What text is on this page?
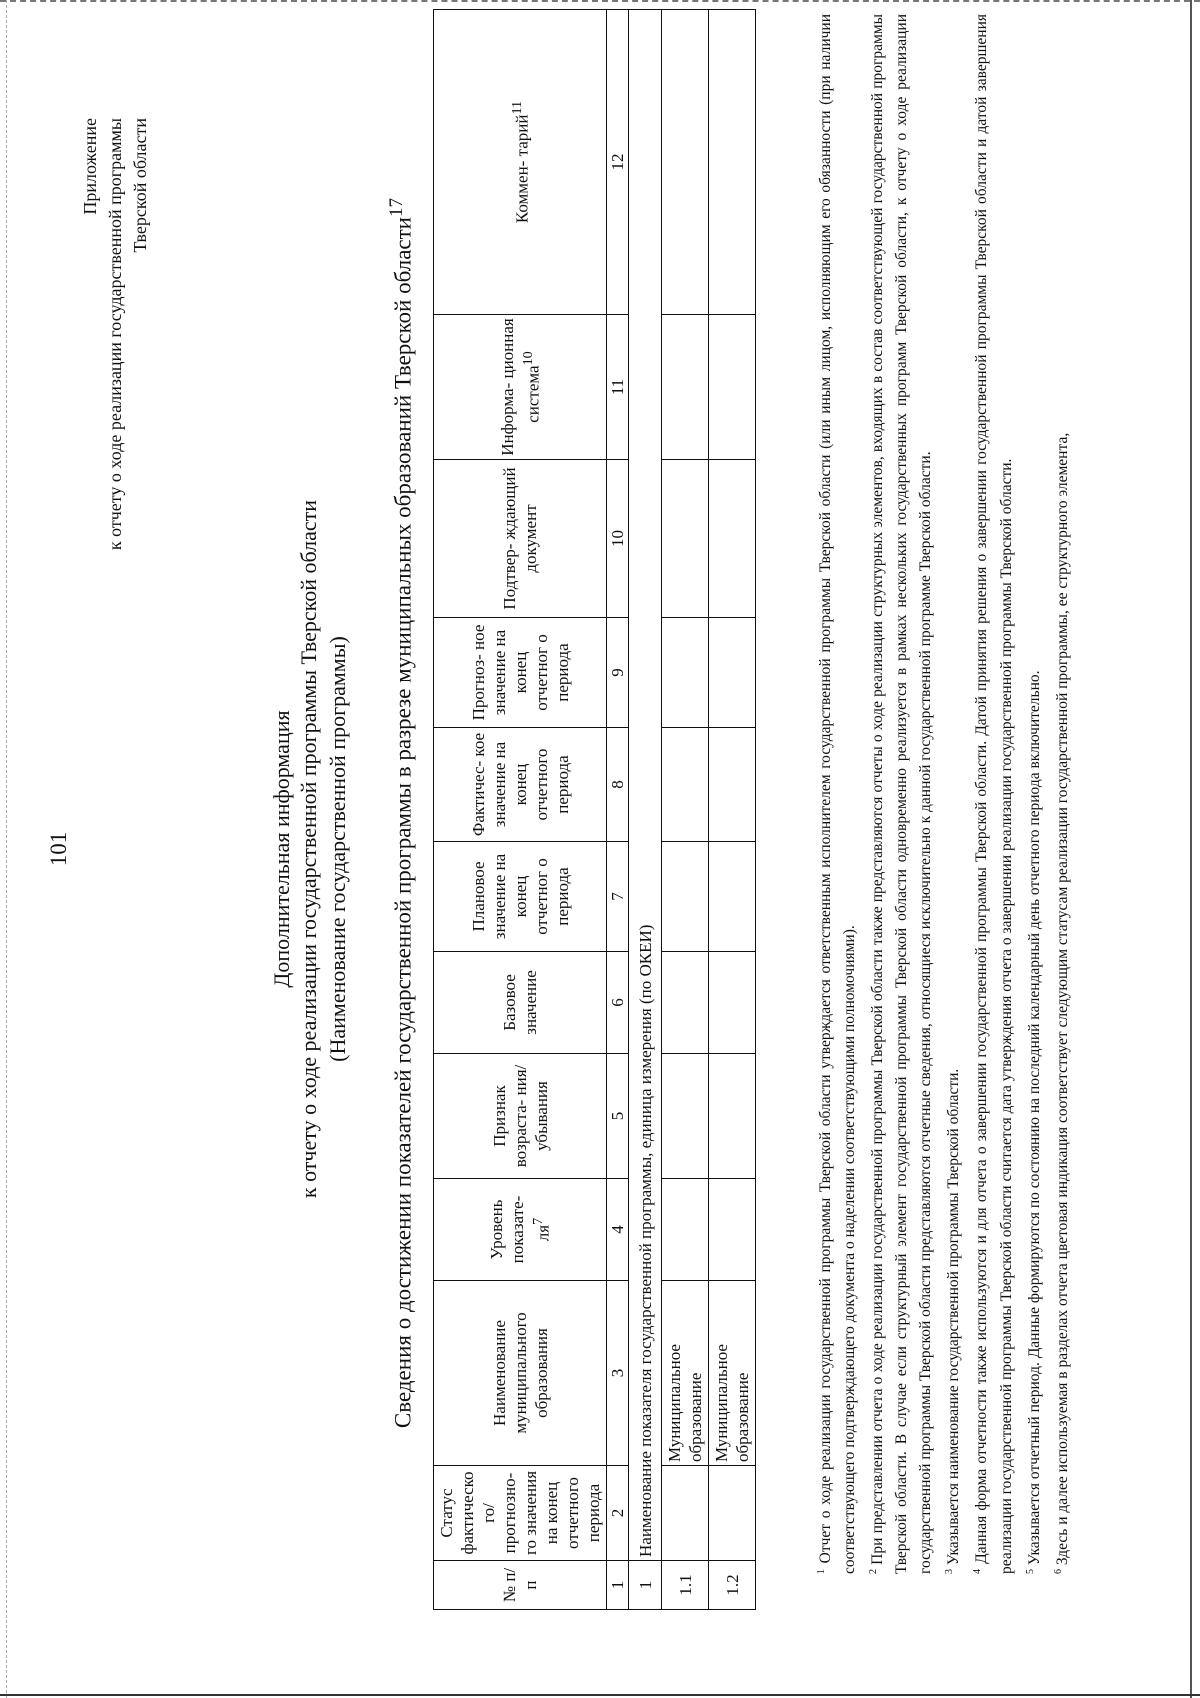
101
Приложение к отчету о ходе реализации государственной программы Тверской области
Дополнительная информация к отчету о ходе реализации государственной программы Тверской области (Наименование государственной программы) Сведения о достижении показателей государственной программы в разрезе муниципальных образований Тверской области$^{17}$
№ п/п	Статус фактическо го/ прогнозно- го значения на конец отчетного периода	Наименование муниципального образования	Уровень показате- $ля^7$	Признак возраста- ния/ убывания	Базовое значение	Плановое значение на конец отчетног о периода	Фактичес- кое значение на конец отчетного периода	Прогноз- ное значение на конец отчетног о периода	Подтвер- ждающий документ	Информа- ционная система$^{10}$	Коммен- тарий$^{11}$
1	2	3	4	5	6	7	8	9	10	11	12
1	Наименование показателя государственной программы, единица измерения (по ОКЕИ)										
1.1		Муниципальное образование									
1.2		Муниципальное образование									

$^1$ Отчет о ходе реализации государственной программы Тверской области утверждается ответственным исполнителем государственной программы Тверской области (или иным лицом, исполняющим его обязанности (при наличии соответствующего подтверждающего документа о наделении соответствующими полномочиями).	$^2$ При представлении отчета о ходе реализации государственной программы Тверской области также представляются отчеты о ходе реализации структурных элементов, входящих в состав соответствующей государственной программы Тверской области. В случае если структурный элемент государственной программы Тверской области одновременно реализуется в рамках нескольких государственных программ Тверской области, к отчету о ходе реализации государственной программы Тверской области представляются отчетные сведения, относящиеся исключительно к данной государственной программе Тверской области.	$^3$ Указывается наименование государственной программы Тверской области.

$^4$ Данная форма отчетности также используются и для отчета о завершении государственной программы Тверской области. Датой принятия решения о завершении государственной программы Тверской области и датой завершения реализации государственной программы Тверской области считается дата утверждения отчета о завершении реализации государственной программы Тверской области.	$^5$ Указывается отчетный период. Данные формируются по состоянию на последний календарный день отчетного периода включительно.

$^6$ Здесь и далее используемая в разделах отчета цветовая индикация соответствует следующим статусам реализации государственной программы, ее структурного элемента,
